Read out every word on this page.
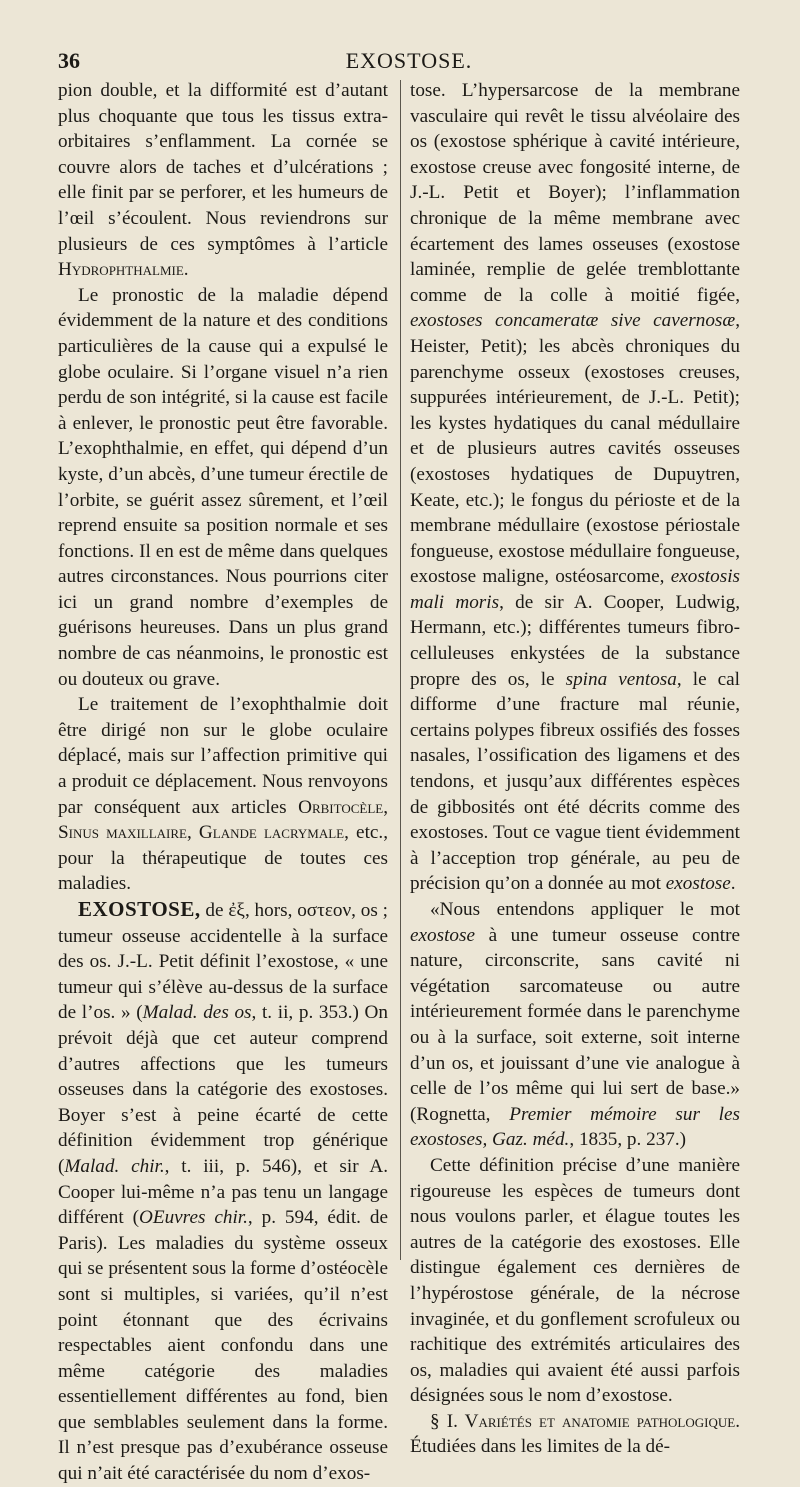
36	EXOSTOSE.

pion double, et la difformité est d’autant plus choquante que tous les tissus extra-orbitaires s’enflamment. La cornée se couvre alors de taches et d’ulcérations ; elle finit par se perforer, et les humeurs de l’œil s’écoulent. Nous reviendrons sur plusieurs de ces symptômes à l’article Hydrophthalmie.

Le pronostic de la maladie dépend évidemment de la nature et des conditions particulières de la cause qui a expulsé le globe oculaire. Si l’organe visuel n’a rien perdu de son intégrité, si la cause est facile à enlever, le pronostic peut être favorable. L’exophthalmie, en effet, qui dépend d’un kyste, d’un abcès, d’une tumeur érectile de l’orbite, se guérit assez sûrement, et l’œil reprend ensuite sa position normale et ses fonctions. Il en est de même dans quelques autres circonstances. Nous pourrions citer ici un grand nombre d’exemples de guérisons heureuses. Dans un plus grand nombre de cas néanmoins, le pronostic est ou douteux ou grave.

Le traitement de l’exophthalmie doit être dirigé non sur le globe oculaire déplacé, mais sur l’affection primitive qui a produit ce déplacement. Nous renvoyons par conséquent aux articles Orbitocèle, Sinus maxillaire, Glande lacrymale, etc., pour la thérapeutique de toutes ces maladies.

EXOSTOSE, de ἐξ, hors, οστεον, os ; tumeur osseuse accidentelle à la surface des os. J.-L. Petit définit l’exostose, « une tumeur qui s’élève au-dessus de la surface de l’os. » (Malad. des os, t. ii, p. 353.) On prévoit déjà que cet auteur comprend d’autres affections que les tumeurs osseuses dans la catégorie des exostoses. Boyer s’est à peine écarté de cette définition évidemment trop générique (Malad. chir., t. iii, p. 546), et sir A. Cooper lui-même n’a pas tenu un langage différent (OEuvres chir., p. 594, édit. de Paris). Les maladies du système osseux qui se présentent sous la forme d’ostéocèle sont si multiples, si variées, qu’il n’est point étonnant que des écrivains respectables aient confondu dans une même catégorie des maladies essentiellement différentes au fond, bien que semblables seulement dans la forme. Il n’est presque pas d’exubérance osseuse qui n’ait été caractérisée du nom d’exos-

tose. L’hypersarcose de la membrane vasculaire qui revêt le tissu alvéolaire des os (exostose sphérique à cavité intérieure, exostose creuse avec fongosité interne, de J.-L. Petit et Boyer); l’inflammation chronique de la même membrane avec écartement des lames osseuses (exostose laminée, remplie de gelée tremblottante comme de la colle à moitié figée, exostoses concameratæ sive cavernosæ, Heister, Petit); les abcès chroniques du parenchyme osseux (exostoses creuses, suppurées intérieurement, de J.-L. Petit); les kystes hydatiques du canal médullaire et de plusieurs autres cavités osseuses (exostoses hydatiques de Dupuytren, Keate, etc.); le fongus du périoste et de la membrane médullaire (exostose périostale fongueuse, exostose médullaire fongueuse, exostose maligne, ostéosarcome, exostosis mali moris, de sir A. Cooper, Ludwig, Hermann, etc.); différentes tumeurs fibro-celluleuses enkystées de la substance propre des os, le spina ventosa, le cal difforme d’une fracture mal réunie, certains polypes fibreux ossifiés des fosses nasales, l’ossification des ligamens et des tendons, et jusqu’aux différentes espèces de gibbosités ont été décrits comme des exostoses. Tout ce vague tient évidemment à l’acception trop générale, au peu de précision qu’on a donnée au mot exostose.

«Nous entendons appliquer le mot exostose à une tumeur osseuse contre nature, circonscrite, sans cavité ni végétation sarcomateuse ou autre intérieurement formée dans le parenchyme ou à la surface, soit externe, soit interne d’un os, et jouissant d’une vie analogue à celle de l’os même qui lui sert de base.» (Rognetta, Premier mémoire sur les exostoses, Gaz. méd., 1835, p. 237.)

Cette définition précise d’une manière rigoureuse les espèces de tumeurs dont nous voulons parler, et élague toutes les autres de la catégorie des exostoses. Elle distingue également ces dernières de l’hypérostose générale, de la nécrose invaginée, et du gonflement scrofuleux ou rachitique des extrémités articulaires des os, maladies qui avaient été aussi parfois désignées sous le nom d’exostose.

§ I. Variétés et anatomie pathologique. Étudiées dans les limites de la dé-
